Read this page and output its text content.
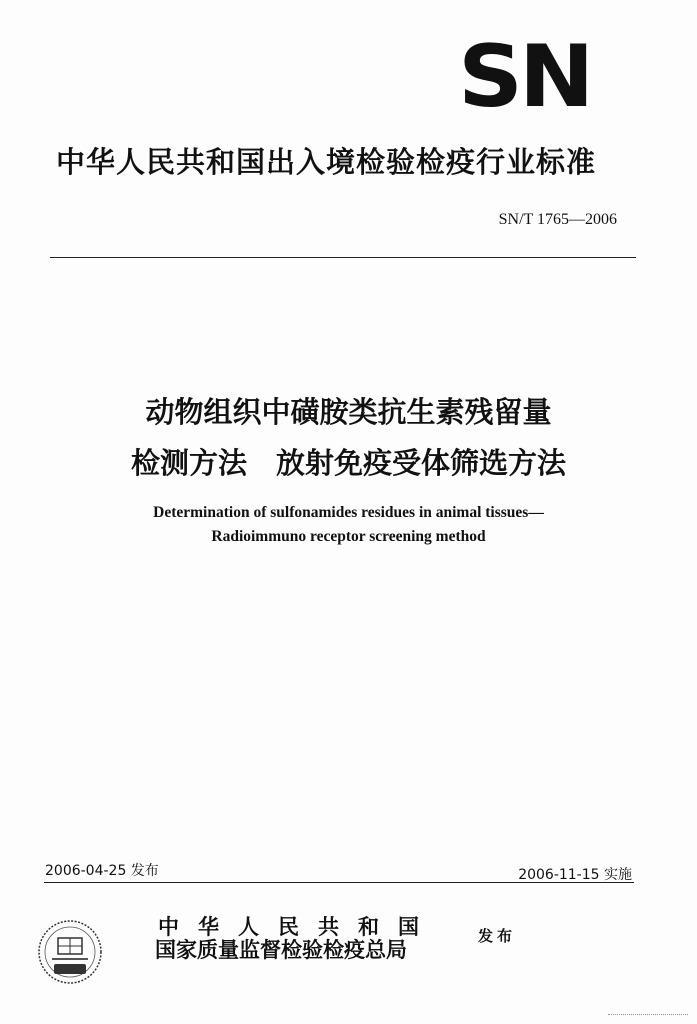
SN
中华人民共和国出入境检验检疫行业标准
SN/T 1765—2006
动物组织中磺胺类抗生素残留量
检测方法　放射免疫受体筛选方法
Determination of sulfonamides residues in animal tissues—
Radioimmuno receptor screening method
2006-04-25 发布	2006-11-15 实施
中华人民共和国
国家质量监督检验检疫总局
发布
